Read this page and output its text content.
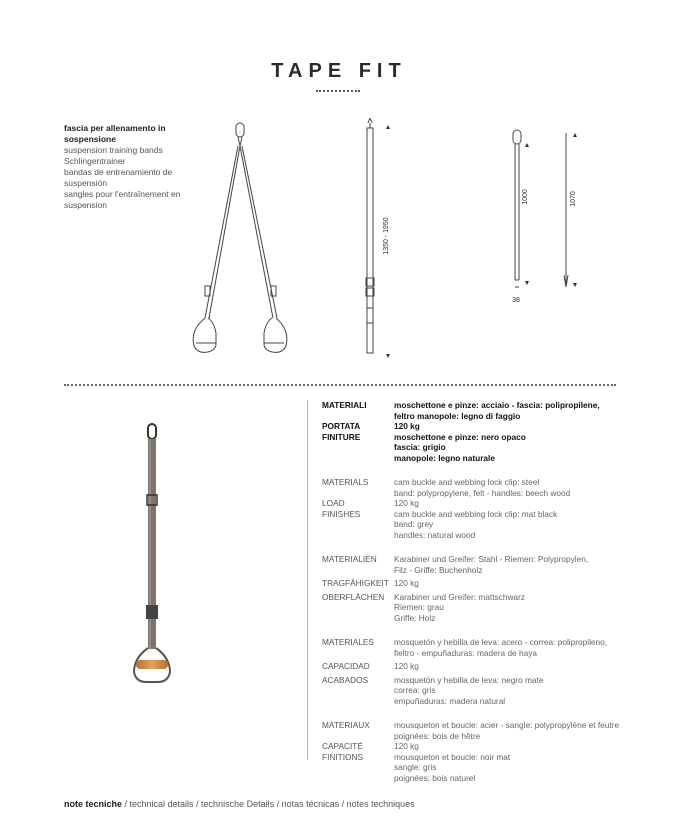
TAPE FIT
fascia per allenamento in sospensione
suspension training bands
Schlingentrainer
bandas de entrenamiento de suspensión
sangles pour l'entraînement en suspension
1350 - 1950
1000	1070
38
MATERIALI	moschettone e pinze: acciaio - fascia: polipropilene, feltro manopole: legno di faggio
PORTATA	120 kg
FINITURE	moschettone e pinze: nero opaco
fascia: grigio
manopole: legno naturale
MATERIALS	cam buckle and webbing lock clip: steel
band: polypropylene, felt - handles: beech wood
LOAD	120 kg
FINISHES	cam buckle and webbing lock clip: mat black
band: grey
handles: natural wood
MATERIALIEN	Karabiner und Greifer: Stahl - Riemen: Polypropylen,
Filz - Griffe: Buchenholz
TRAGFÄHIGKEIT 120 kg
OBERFLÄCHEN	Karabiner und Greifer: mattschwarz
Riemen: grau
Griffe: Holz
MATERIALES	mosquetón y hebilla de leva: acero - correa: polipropileno,
fieltro - empuñaduras: madera de haya
CAPACIDAD	120 kg
ACABADOS	mosquetón y hebilla de leva: negro mate
correa: gris
empuñaduras: madera natural
MATERIAUX	mousqueton et boucle: acier - sangle: polypropylène et feutre
poignées: bois de hêtre
CAPACITÉ	120 kg
FINITIONS	mousqueton et boucle: noir mat
sangle: gris
poignées: bois naturel
note tecniche / technical details / technische Details / notas técnicas / notes techniques
